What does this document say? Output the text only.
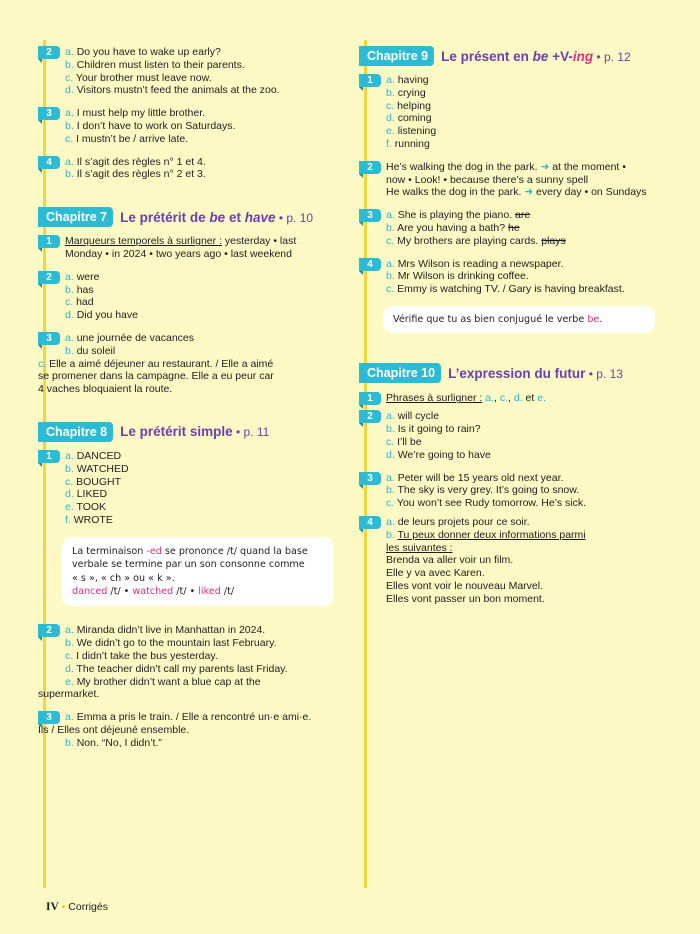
2	a. Do you have to wake up early?
b. Children must listen to their parents.
c. Your brother must leave now.
d. Visitors mustn’t feed the animals at the zoo.
3	a. I must help my little brother.
b. I don’t have to work on Saturdays.
c. I mustn’t be / arrive late.
4	a. Il s’agit des règles n° 1 et 4.
b. Il s’agit des règles n° 2 et 3.
Chapitre 7 Le prétérit de be et have • p. 10
1	Marqueurs temporels à surligner : yesterday • last
Monday • in 2024 • two years ago • last weekend
2	a. were
b. has
c. had
d. Did you have
3	a. une journée de vacances
b. du soleil
c. Elle a aimé déjeuner au restaurant. / Elle a aimé
se promener dans la campagne. Elle a eu peur car
4 vaches bloquaient la route.
Chapitre 8 Le prétérit simple • p. 11
1	a. DANCED
b. WATCHED
c. BOUGHT
d. LIKED
e. TOOK
f. WROTE
La terminaison -ed se prononce /t/ quand la base
verbale se termine par un son consonne comme
« s », « ch » ou « k ».
danced /t/ • watched /t/ • liked /t/
2	a. Miranda didn’t live in Manhattan in 2024.
b. We didn’t go to the mountain last February.
c. I didn’t take the bus yesterday.
d. The teacher didn’t call my parents last Friday.
e. My brother didn’t want a blue cap at the
supermarket.
3	a. Emma a pris le train. / Elle a rencontré un·e ami·e.
Ils / Elles ont déjeuné ensemble.
b. Non. “No, I didn’t.”
Chapitre 9 Le présent en be +V-ing • p. 12
1	a. having
b. crying
c. helping
d. coming
e. listening
f. running
2	He’s walking the dog in the park. ➜ at the moment •
now • Look! • because there’s a sunny spell
He walks the dog in the park. ➜ every day • on Sundays
3	a. She is playing the piano. are
b. Are you having a bath? he
c. My brothers are playing cards. plays
4	a. Mrs Wilson is reading a newspaper.
b. Mr Wilson is drinking coffee.
c. Emmy is watching TV. / Gary is having breakfast.
Vérifie que tu as bien conjugué le verbe be.
Chapitre 10 L’expression du futur • p. 13
1	Phrases à surligner : a., c., d. et e.
2	a. will cycle
b. Is it going to rain?
c. I’ll be
d. We’re going to have
3	a. Peter will be 15 years old next year.
b. The sky is very grey. It’s going to snow.
c. You won’t see Rudy tomorrow. He’s sick.
4	a. de leurs projets pour ce soir.
b. Tu peux donner deux informations parmi
les suivantes :
Brenda va aller voir un film.
Elle y va avec Karen.
Elles vont voir le nouveau Marvel.
Elles vont passer un bon moment.
IV • Corrigés
